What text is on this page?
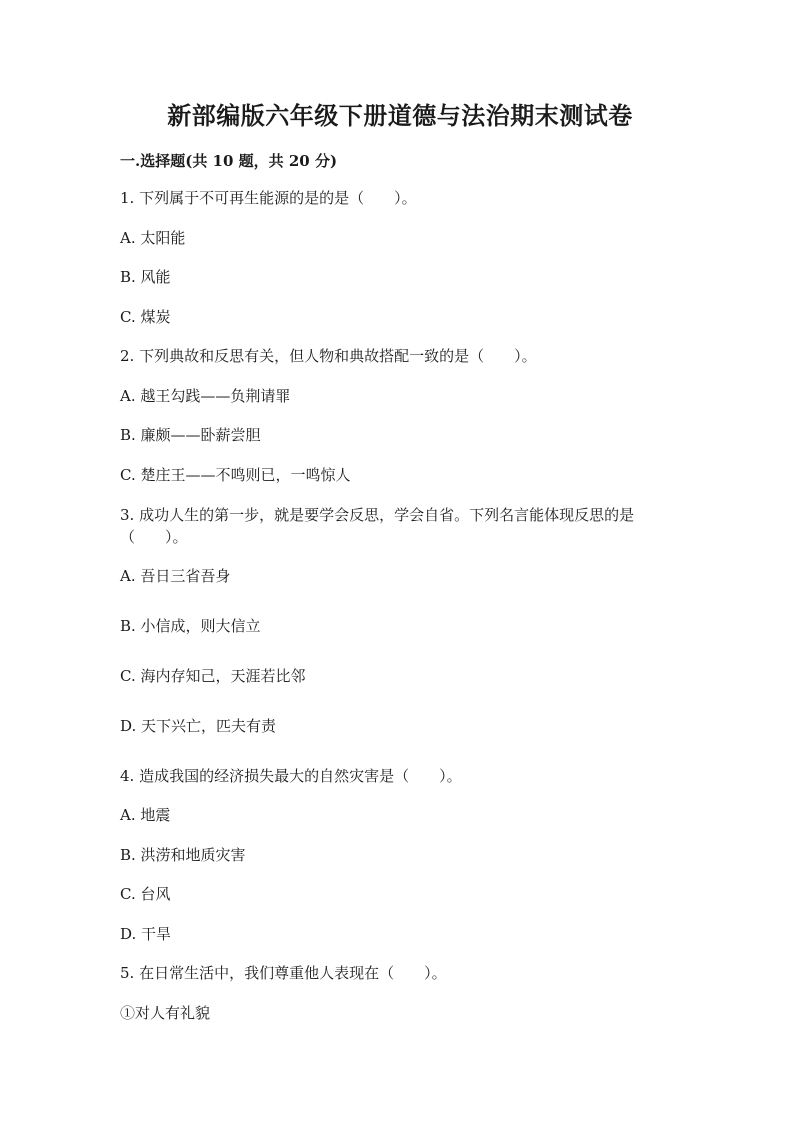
新部编版六年级下册道德与法治期末测试卷
一.选择题(共 10 题，共 20 分)
1. 下列属于不可再生能源的是的是（　　）。
A. 太阳能
B. 风能
C. 煤炭
2. 下列典故和反思有关，但人物和典故搭配一致的是（　　）。
A. 越王勾践——负荆请罪
B. 廉颇——卧薪尝胆
C. 楚庄王——不鸣则已，一鸣惊人
3. 成功人生的第一步，就是要学会反思，学会自省。下列名言能体现反思的是
（　　）。
A. 吾日三省吾身
B. 小信成，则大信立
C. 海内存知己，天涯若比邻
D. 天下兴亡，匹夫有责
4. 造成我国的经济损失最大的自然灾害是（　　）。
A. 地震
B. 洪涝和地质灾害
C. 台风
D. 干旱
5. 在日常生活中，我们尊重他人表现在（　　）。
①对人有礼貌
